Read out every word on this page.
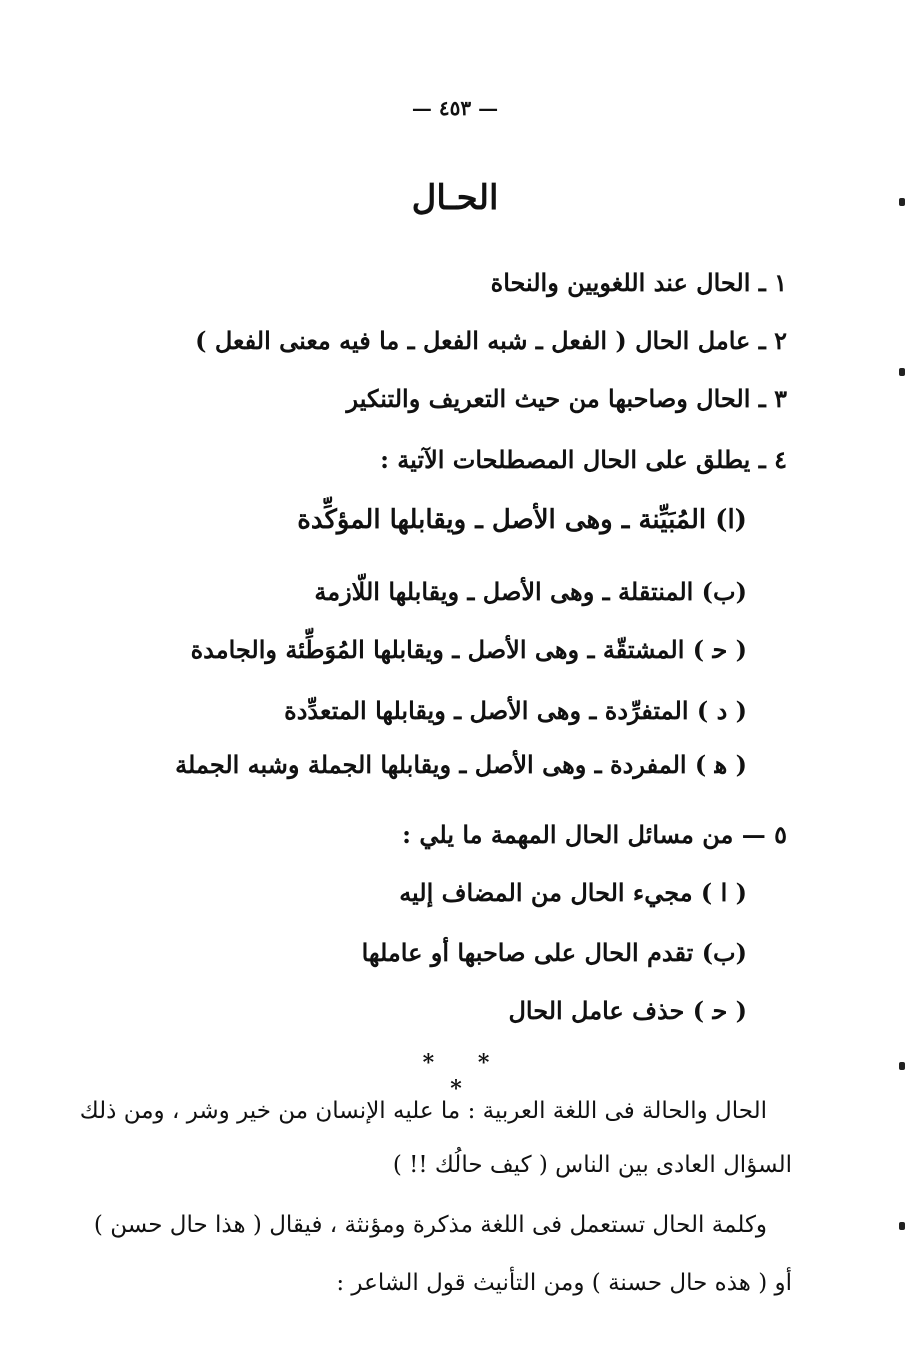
— ٤٥٣ —
الحـال
١ ـ الحال عند اللغويين والنحاة
٢ ـ عامل الحال ( الفعل ـ شبه الفعل ـ ما فيه معنى الفعل )
٣ ـ الحال وصاحبها من حيث التعريف والتنكير
٤ ـ يطلق على الحال المصطلحات الآتية :
(ا) المُبَيِّنة ـ وهى الأصل ـ ويقابلها المؤكِّدة
(ب) المنتقلة ـ وهى الأصل ـ ويقابلها اللّازمة
( ﺣ ) المشتقّة ـ وهى الأصل ـ ويقابلها المُوَطِّئة والجامدة
( د ) المتفرِّدة ـ وهى الأصل ـ ويقابلها المتعدِّدة
( ﻫ ) المفردة ـ وهى الأصل ـ ويقابلها الجملة وشبه الجملة
٥ — من مسائل الحال المهمة ما يلي :
( ا ) مجيء الحال من المضاف إليه
(ب) تقدم الحال على صاحبها أو عاملها
( ﺣ ) حذف عامل الحال
* * *
الحال والحالة فى اللغة العربية : ما عليه الإنسان من خير وشر ، ومن ذلك
السؤال العادى بين الناس ( كيف حالُك !! )
وكلمة الحال تستعمل فى اللغة مذكرة ومؤنثة ، فيقال ( هذا حال حسن )
أو ( هذه حال حسنة ) ومن التأنيث قول الشاعر :
